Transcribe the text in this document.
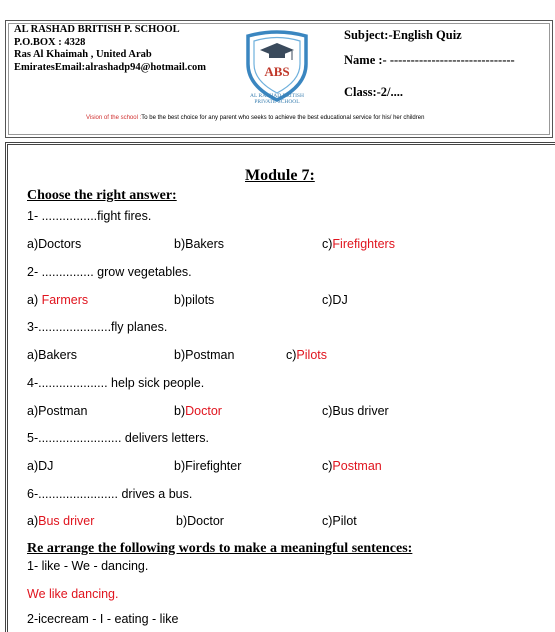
AL RASHAD BRITISH P. SCHOOL
P.O.BOX : 4328
Ras Al Khaimah , United Arab
EmiratesEmail:alrashadp94@hotmail.com	ABS
AL RASHAD BRITISH
PRIVATE SCHOOL
Subject:-English Quiz
Name :- ------------------------------
Class:-2/....
Vision of the school :To be the best choice for any parent who seeks to achieve the best educational service for his/ her children
Module 7:
Choose the right answer:
1- ................fight fires.
a)Doctors	b)Bakers	c)Firefighters
2- ............... grow vegetables.
a) Farmers	b)pilots	c)DJ
3-.....................fly planes.
a)Bakers	b)Postman	c)Pilots
4-.................... help sick people.
a)Postman	b)Doctor	c)Bus driver
5-........................ delivers letters.
a)DJ	b)Firefighter	c)Postman
6-....................... drives a bus.
a)Bus driver	b)Doctor	c)Pilot
Re arrange the following words to make a meaningful sentences:
1- like - We - dancing.
We like dancing.
2-icecream - I - eating - like
